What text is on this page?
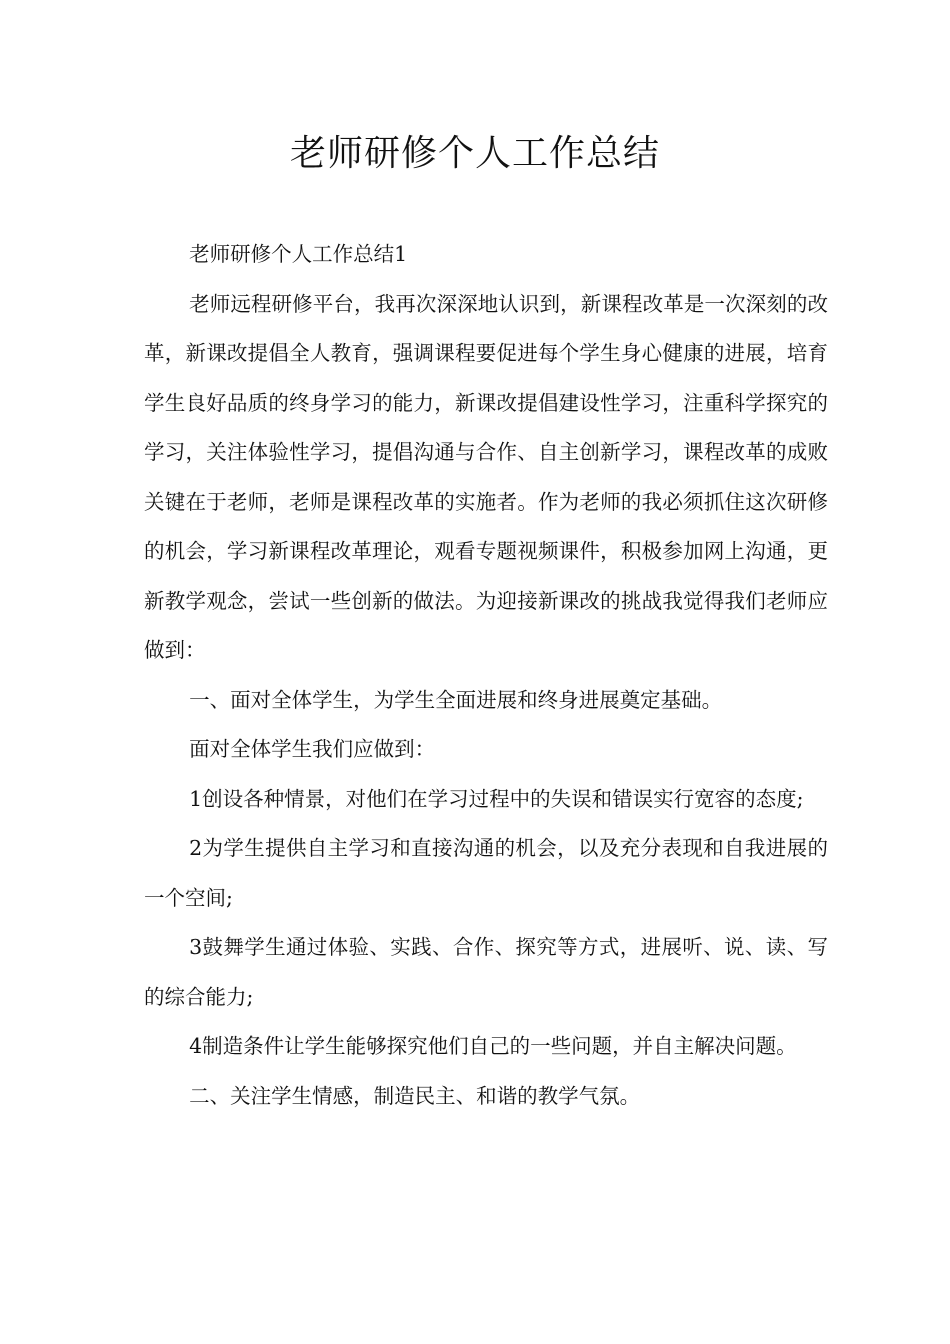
老师研修个人工作总结

老师研修个人工作总结1

老师远程研修平台，我再次深深地认识到，新课程改革是一次深刻的改革，新课改提倡全人教育，强调课程要促进每个学生身心健康的进展，培育学生良好品质的终身学习的能力，新课改提倡建设性学习，注重科学探究的学习，关注体验性学习，提倡沟通与合作、自主创新学习，课程改革的成败关键在于老师，老师是课程改革的实施者。作为老师的我必须抓住这次研修的机会，学习新课程改革理论，观看专题视频课件，积极参加网上沟通，更新教学观念，尝试一些创新的做法。为迎接新课改的挑战我觉得我们老师应做到：

一、面对全体学生，为学生全面进展和终身进展奠定基础。

面对全体学生我们应做到：

1创设各种情景，对他们在学习过程中的失误和错误实行宽容的态度;

2为学生提供自主学习和直接沟通的机会，以及充分表现和自我进展的一个空间;

3鼓舞学生通过体验、实践、合作、探究等方式，进展听、说、读、写的综合能力;

4制造条件让学生能够探究他们自己的一些问题，并自主解决问题。

二、关注学生情感，制造民主、和谐的教学气氛。
